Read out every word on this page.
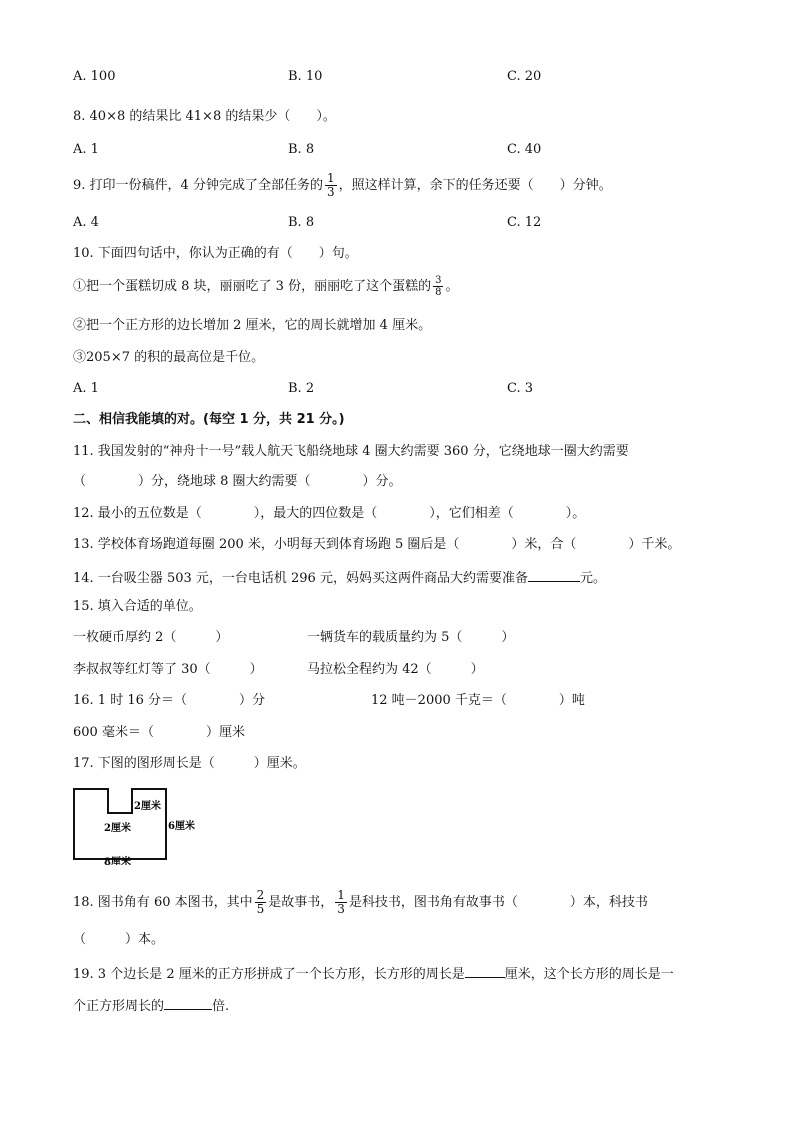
A. 100	B. 10	C. 20
8. 40×8 的结果比 41×8 的结果少（　　）。
A. 1	B. 8	C. 40
9. 打印一份稿件，4 分钟完成了全部任务的 $\frac{1}{3}$ ，照这样计算，余下的任务还要（　　）分钟。
A. 4	B. 8	C. 12
10. 下面四句话中，你认为正确的有（　　）句。
①把一个蛋糕切成 8 块，丽丽吃了 3 份，丽丽吃了这个蛋糕的 $\frac{3}{8}$ 。
②把一个正方形的边长增加 2 厘米，它的周长就增加 4 厘米。
③205×7 的积的最高位是千位。
A. 1	B. 2	C. 3
二、相信我能填的对。(每空 1 分，共 21 分。)
11. 我国发射的“神舟十一号”载人航天飞船绕地球 4 圈大约需要 360 分，它绕地球一圈大约需要
（　　　　）分，绕地球 8 圈大约需要（　　　　）分。
12. 最小的五位数是（　　　　），最大的四位数是（　　　　），它们相差（　　　　）。
13. 学校体育场跑道每圈 200 米，小明每天到体育场跑 5 圈后是（　　　　）米，合（　　　　）千米。
14. 一台吸尘器 503 元，一台电话机 296 元，妈妈买这两件商品大约需要准备	元。
15. 填入合适的单位。
一枚硬币厚约 2（　　　）	一辆货车的载质量约为 5（　　　）
李叔叔等红灯等了 30（　　　）	马拉松全程约为 42（　　　）
16. 1 时 16 分＝（　　　　）分	12 吨－2000 千克＝（　　　　）吨
600 毫米＝（　　　　）厘米
17. 下图的图形周长是（　　　）厘米。
2厘米
2厘米	6厘米
8厘米
18. 图书角有 60 本图书，其中 $\frac{2}{5}$ 是故事书， $\frac{1}{3}$ 是科技书，图书角有故事书（　　　　）本，科技书
（　　　）本。
19. 3 个边长是 2 厘米的正方形拼成了一个长方形，长方形的周长是	厘米，这个长方形的周长是一
个正方形周长的	倍.
